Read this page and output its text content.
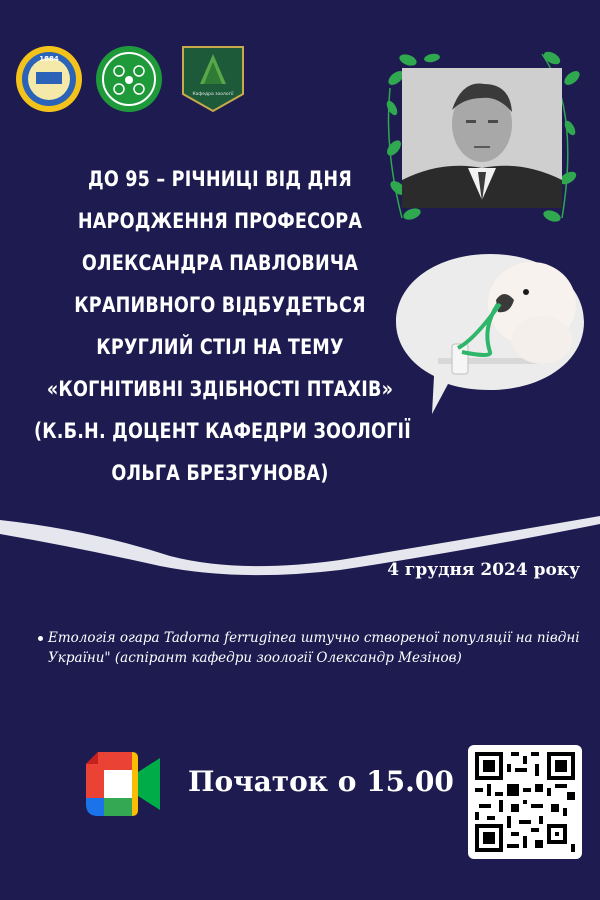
1884
Кафедра зоології
ДО 95 – РІЧНИЦІ ВІД ДНЯ
НАРОДЖЕННЯ ПРОФЕСОРА
ОЛЕКСАНДРА ПАВЛОВИЧА
КРАПИВНОГО ВІДБУДЕТЬСЯ
КРУГЛИЙ СТІЛ НА ТЕМУ
«КОГНІТИВНІ ЗДІБНОСТІ ПТАХІВ»
(К.Б.Н. ДОЦЕНТ КАФЕДРИ ЗООЛОГІЇ
ОЛЬГА БРЕЗГУНОВА)
4 грудня 2024 року
Етологія огара Tadorna ferruginea штучно створеної популяції на півдні України" (аспірант кафедри зоології Олександр Мезінов)
Початок о 15.00
